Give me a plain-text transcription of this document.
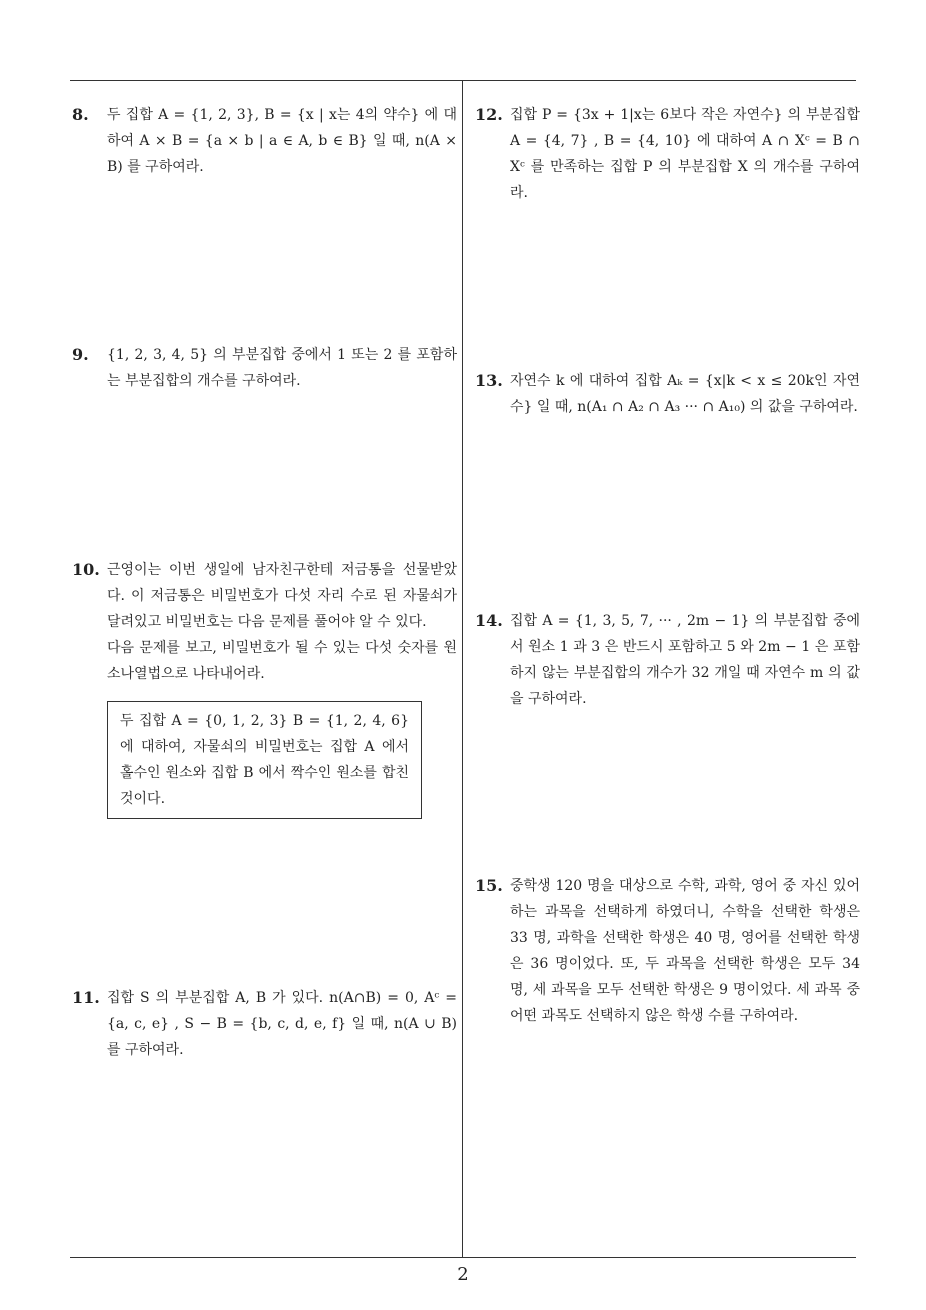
8. 두 집합 A = {1, 2, 3}, B = {x | x는 4의 약수} 에 대하여 A × B = {a × b | a ∈ A, b ∈ B} 일 때, n(A × B) 를 구하여라.

9. {1, 2, 3, 4, 5} 의 부분집합 중에서 1 또는 2 를 포함하는 부분집합의 개수를 구하여라.

10. 근영이는 이번 생일에 남자친구한테 저금통을 선물받았다. 이 저금통은 비밀번호가 다섯 자리 수로 된 자물쇠가 달려있고 비밀번호는 다음 문제를 풀어야 알 수 있다.

다음 문제를 보고, 비밀번호가 될 수 있는 다섯 숫자를 원소나열법으로 나타내어라.

두 집합 A = {0, 1, 2, 3} B = {1, 2, 4, 6} 에 대하여, 자물쇠의 비밀번호는 집합 A 에서 홀수인 원소와 집합 B 에서 짝수인 원소를 합친 것이다.
11. 집합 S 의 부분집합 A, B 가 있다. n(A∩B) = 0, Aᶜ = {a, c, e} , S − B = {b, c, d, e, f} 일 때, n(A ∪ B) 를 구하여라.

12. 집합 P = {3x + 1|x는 6보다 작은 자연수} 의 부분집합 A = {4, 7} , B = {4, 10} 에 대하여 A ∩ Xᶜ = B ∩ Xᶜ 를 만족하는 집합 P 의 부분집합 X 의 개수를 구하여라.

13. 자연수 k 에 대하여 집합 Aₖ = {x|k < x ≤ 20k인 자연수} 일 때, n(A₁ ∩ A₂ ∩ A₃ ··· ∩ A₁₀) 의 값을 구하여라.

14. 집합 A = {1, 3, 5, 7, ··· , 2m − 1} 의 부분집합 중에서 원소 1 과 3 은 반드시 포함하고 5 와 2m − 1 은 포함하지 않는 부분집합의 개수가 32 개일 때 자연수 m 의 값을 구하여라.

15. 중학생 120 명을 대상으로 수학, 과학, 영어 중 자신 있어 하는 과목을 선택하게 하였더니, 수학을 선택한 학생은 33 명, 과학을 선택한 학생은 40 명, 영어를 선택한 학생은 36 명이었다. 또, 두 과목을 선택한 학생은 모두 34 명, 세 과목을 모두 선택한 학생은 9 명이었다. 세 과목 중 어떤 과목도 선택하지 않은 학생 수를 구하여라.

2
